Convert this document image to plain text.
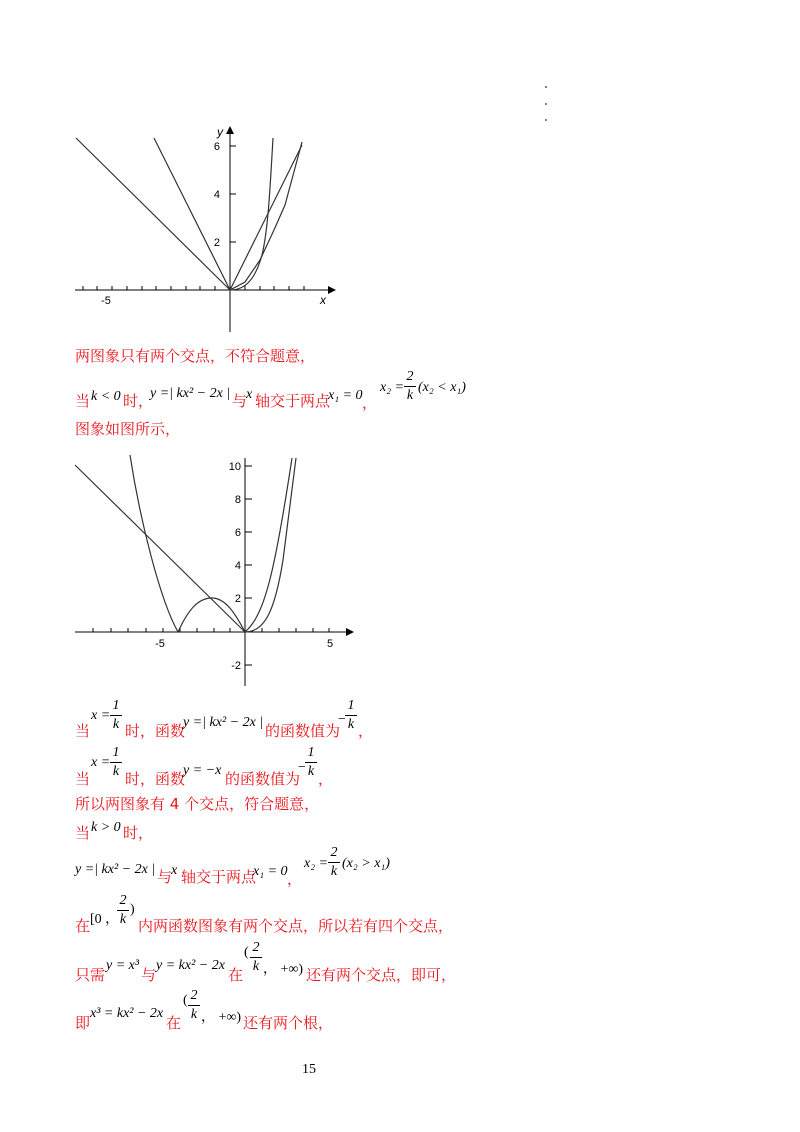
6
4
2
-5	x
y
两图象只有两个交点，不符合题意，
当 k < 0 时，
y =| kx² − 2x | 与
x 轴交于两点
x₁ = 0 ，
x₂ =
2
k
(x₂ < x₁)
图象如图所示，
10
8
6
4
2
-2
-5	5
当
x =
1
k 时，函数
y =| kx² − 2x | 的函数值为
−
1
k ，
当
x =
1
k 时，函数
y = −x 的函数值为
−
1
k ，
所以两图象有 4 个交点，符合题意，
当 k > 0 时，
y =| kx² − 2x | 与
x 轴交于两点
x₁ = 0 ，
x₂ =
2
k
(x₂ > x₁)
在 [0 ，
2
k
)
内两函数图象有两个交点，所以若有四个交点，
只需
y = x³
与
y = kx² − 2x
在
( 2
k ， +∞) 还有两个交点，即可，
即
x³ = kx² − 2x
在
( 2
k ， +∞) 还有两个根，
15
